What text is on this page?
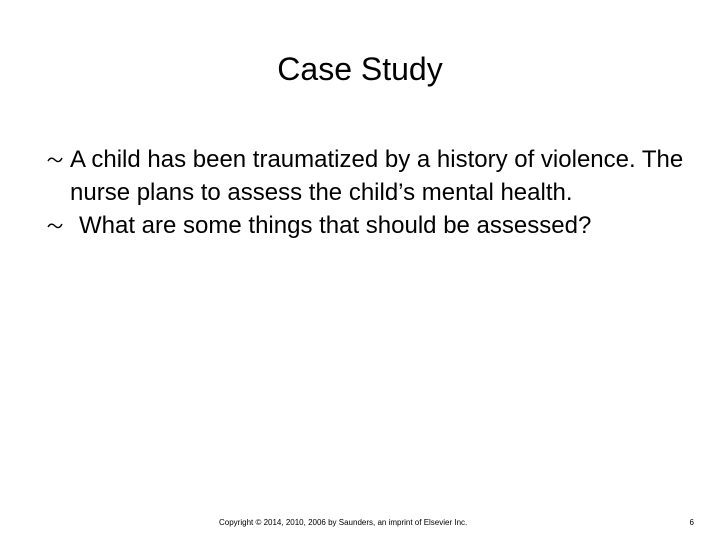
Case Study
A child has been traumatized by a history of violence. The nurse plans to assess the child’s mental health.
What are some things that should be assessed?
Copyright © 2014, 2010, 2006 by Saunders, an imprint of Elsevier Inc.	6
